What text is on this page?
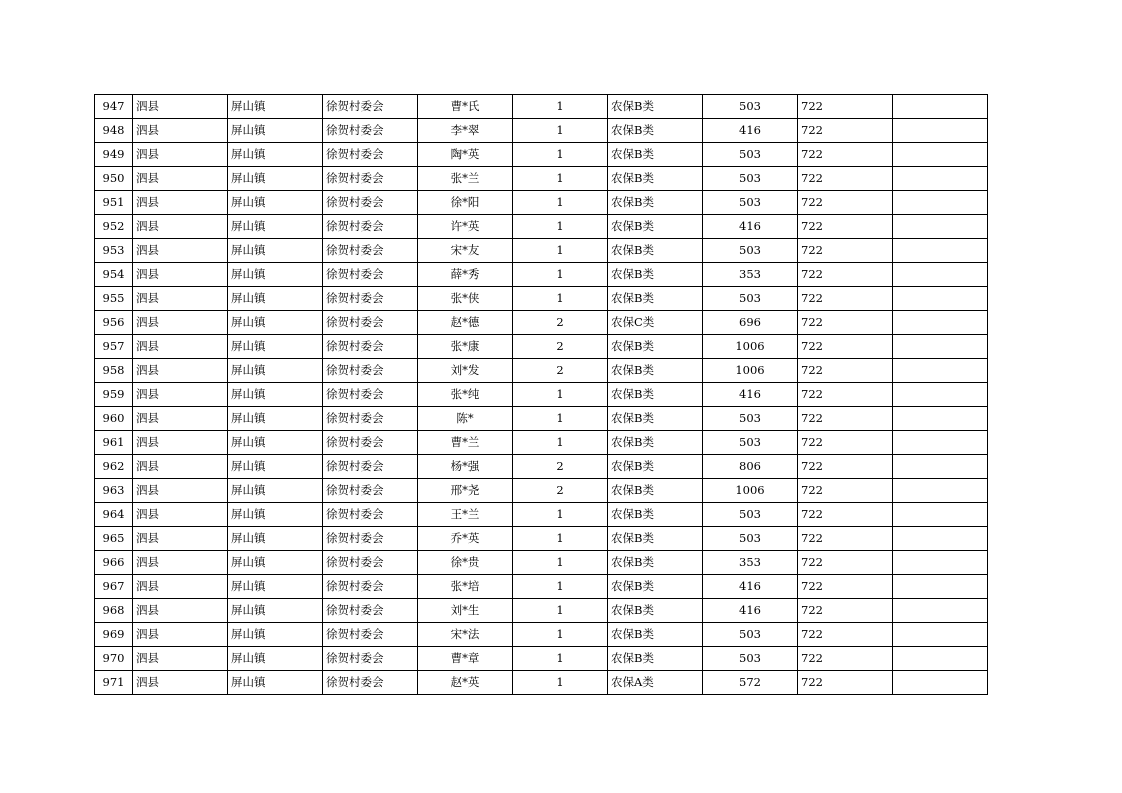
947	泗县	屏山镇	徐贺村委会	曹*氏	1	农保B类	503	722	
948	泗县	屏山镇	徐贺村委会	李*翠	1	农保B类	416	722	
949	泗县	屏山镇	徐贺村委会	陶*英	1	农保B类	503	722	
950	泗县	屏山镇	徐贺村委会	张*兰	1	农保B类	503	722	
951	泗县	屏山镇	徐贺村委会	徐*阳	1	农保B类	503	722	
952	泗县	屏山镇	徐贺村委会	许*英	1	农保B类	416	722	
953	泗县	屏山镇	徐贺村委会	宋*友	1	农保B类	503	722	
954	泗县	屏山镇	徐贺村委会	薛*秀	1	农保B类	353	722	
955	泗县	屏山镇	徐贺村委会	张*侠	1	农保B类	503	722	
956	泗县	屏山镇	徐贺村委会	赵*德	2	农保C类	696	722	
957	泗县	屏山镇	徐贺村委会	张*康	2	农保B类	1006	722	
958	泗县	屏山镇	徐贺村委会	刘*发	2	农保B类	1006	722	
959	泗县	屏山镇	徐贺村委会	张*纯	1	农保B类	416	722	
960	泗县	屏山镇	徐贺村委会	陈*	1	农保B类	503	722	
961	泗县	屏山镇	徐贺村委会	曹*兰	1	农保B类	503	722	
962	泗县	屏山镇	徐贺村委会	杨*强	2	农保B类	806	722	
963	泗县	屏山镇	徐贺村委会	邢*尧	2	农保B类	1006	722	
964	泗县	屏山镇	徐贺村委会	王*兰	1	农保B类	503	722	
965	泗县	屏山镇	徐贺村委会	乔*英	1	农保B类	503	722	
966	泗县	屏山镇	徐贺村委会	徐*贵	1	农保B类	353	722	
967	泗县	屏山镇	徐贺村委会	张*培	1	农保B类	416	722	
968	泗县	屏山镇	徐贺村委会	刘*生	1	农保B类	416	722	
969	泗县	屏山镇	徐贺村委会	宋*法	1	农保B类	503	722	
970	泗县	屏山镇	徐贺村委会	曹*章	1	农保B类	503	722	
971	泗县	屏山镇	徐贺村委会	赵*英	1	农保A类	572	722	
